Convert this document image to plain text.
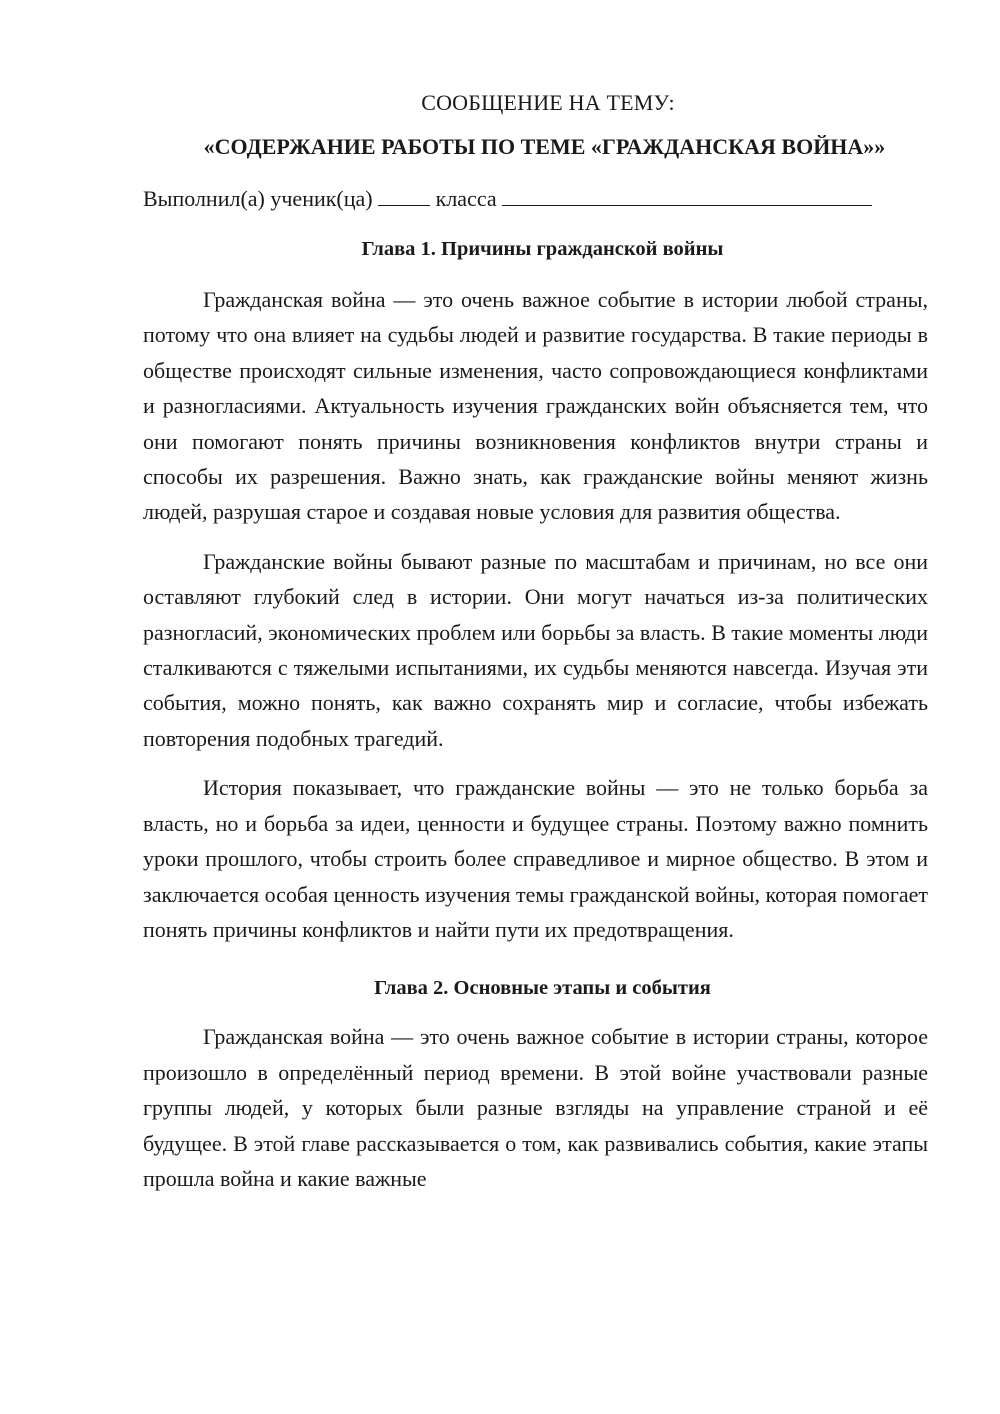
СООБЩЕНИЕ НА ТЕМУ:

«СОДЕРЖАНИЕ РАБОТЫ ПО ТЕМЕ «ГРАЖДАНСКАЯ ВОЙНА»»

Выполнил(а) ученик(ца)	класса

Глава 1. Причины гражданской войны

Гражданская война — это очень важное событие в истории любой страны, потому что она влияет на судьбы людей и развитие государства. В такие периоды в обществе происходят сильные изменения, часто сопровождающиеся конфликтами и разногласиями. Актуальность изучения гражданских войн объясняется тем, что они помогают понять причины возникновения конфликтов внутри страны и способы их разрешения. Важно знать, как гражданские войны меняют жизнь людей, разрушая старое и создавая новые условия для развития общества.

Гражданские войны бывают разные по масштабам и причинам, но все они оставляют глубокий след в истории. Они могут начаться из-за политических разногласий, экономических проблем или борьбы за власть. В такие моменты люди сталкиваются с тяжелыми испытаниями, их судьбы меняются навсегда. Изучая эти события, можно понять, как важно сохранять мир и согласие, чтобы избежать повторения подобных трагедий.

История показывает, что гражданские войны — это не только борьба за власть, но и борьба за идеи, ценности и будущее страны. Поэтому важно помнить уроки прошлого, чтобы строить более справедливое и мирное общество. В этом и заключается особая ценность изучения темы гражданской войны, которая помогает понять причины конфликтов и найти пути их предотвращения.

Глава 2. Основные этапы и события

Гражданская война — это очень важное событие в истории страны, которое произошло в определённый период времени. В этой войне участвовали разные группы людей, у которых были разные взгляды на управление страной и её будущее. В этой главе рассказывается о том, как развивались события, какие этапы прошла война и какие важные
